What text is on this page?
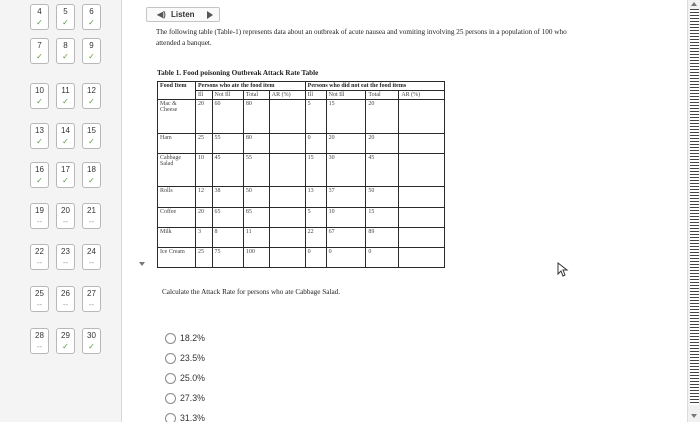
4
✓
5
✓
6
✓
7
✓
8
✓
9
✓
10
✓
11
✓
12
✓
13
✓
14
✓
15
✓
16
✓
17
✓
18
✓
19
--
20
--
21
--
22
--
23
--
24
--
25
--
26
--
27
--
28
--
29
✓
30
✓
◀) Listen

The following table (Table-1) represents data about an outbreak of acute nausea and vomiting involving 25 persons in a population of 100 who attended a banquet.

Table 1. Food poisoning Outbreak Attack Rate Table
Food Item	Persons who ate the food item				Persons who did not eat the food items			
	Ill	Not Ill	Total	AR (%)	Ill	Not Ill	Total	AR (%)
Mac & Cheese	20	60	80		5	15	20	
Ham	25	55	80		0	20	20	
Cabbage Salad	10	45	55		15	30	45	
Rolls	12	38	50		13	37	50	
Coffee	20	65	85		5	10	15	
Milk	3	8	11		22	67	89	
Ice Cream	25	75	100		0	0	0	

Calculate the Attack Rate for persons who ate Cabbage Salad.

18.2%
23.5%
25.0%
27.3%
31.3%
